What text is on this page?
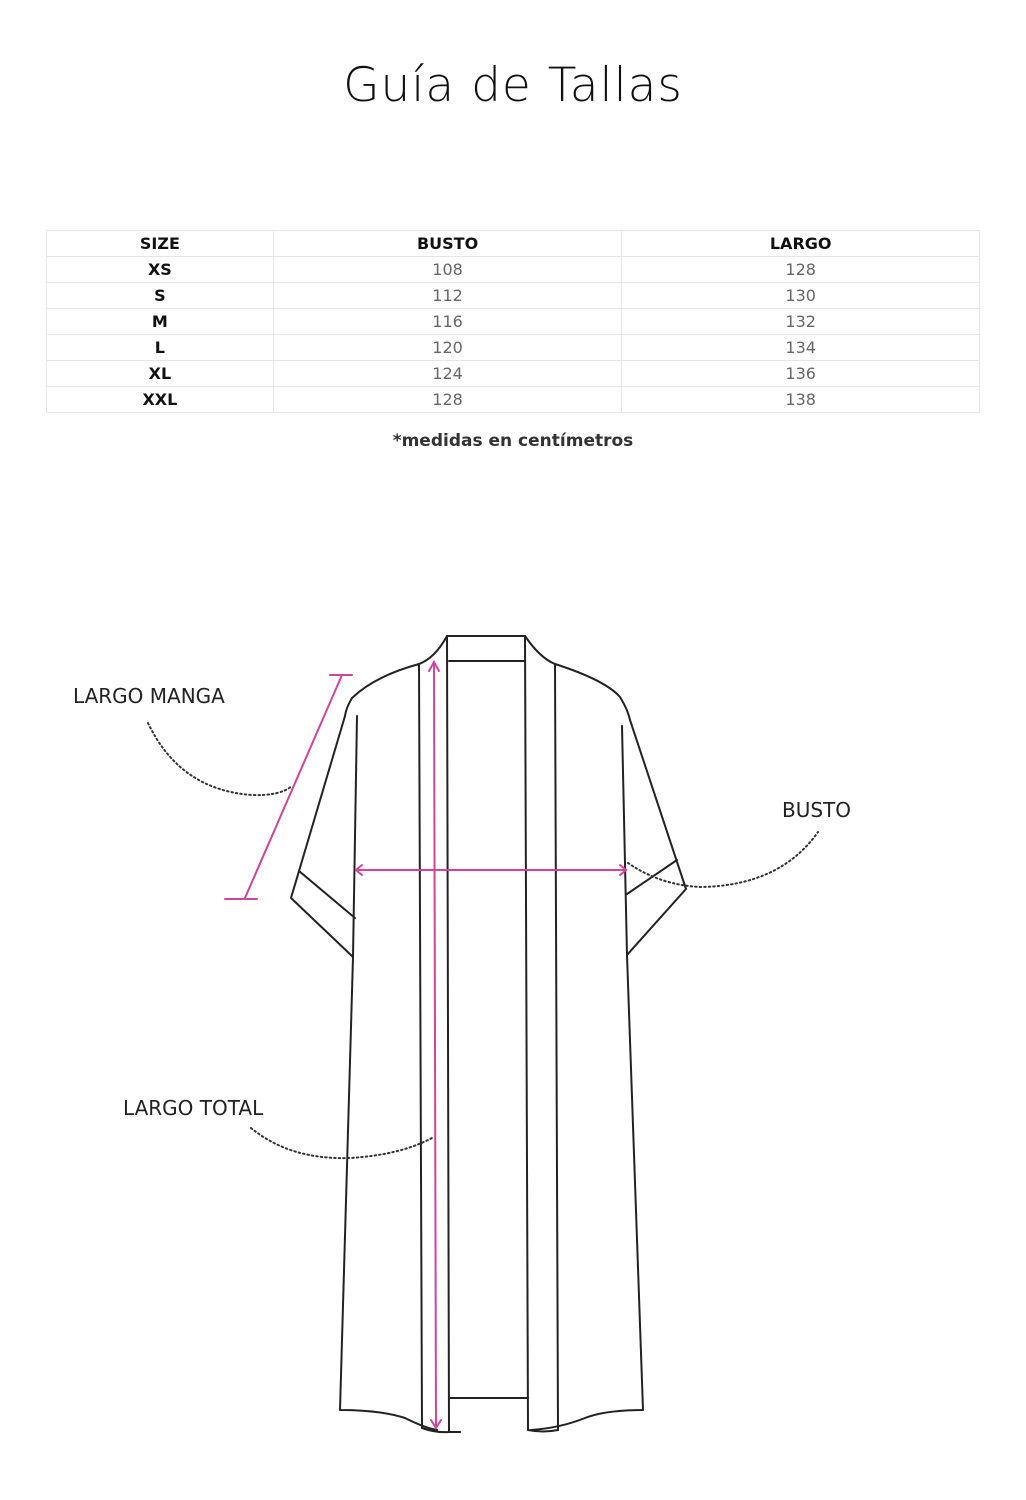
Guía de Tallas
SIZE	BUSTO	LARGO
XS	108	128
S	112	130
M	116	132
L	120	134
XL	124	136
XXL	128	138
*medidas en centímetros
LARGO MANGA
BUSTO
LARGO TOTAL
